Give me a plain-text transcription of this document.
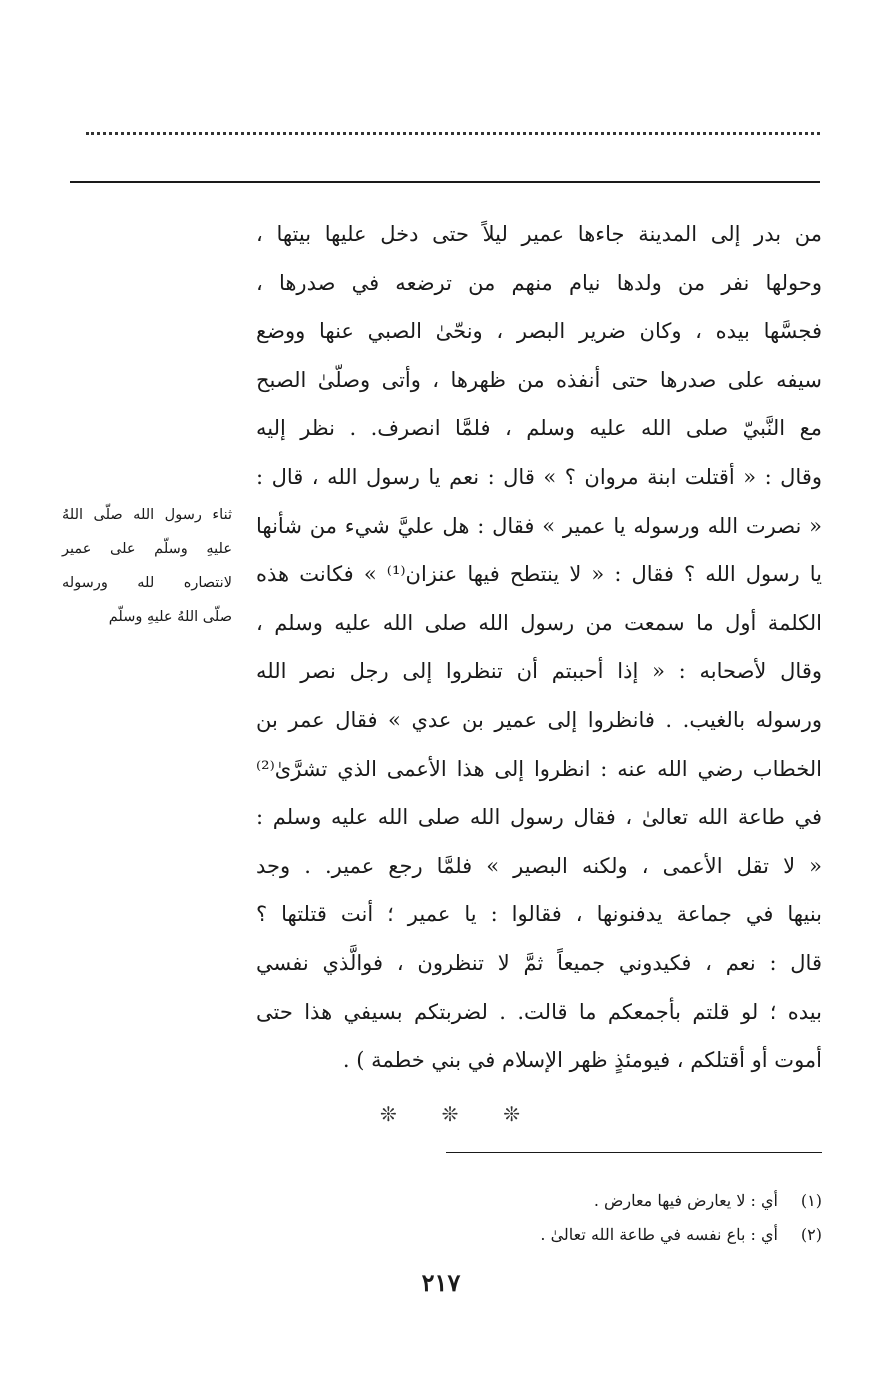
من بدر إلى المدينة جاءها عمير ليلاً حتى دخل عليها بيتها ،
وحولها نفر من ولدها نيام منهم من ترضعه في صدرها ،
فجسَّها بيده ، وكان ضرير البصر ، ونحّىٰ الصبي عنها ووضع
سيفه على صدرها حتى أنفذه من ظهرها ، وأتى وصلّىٰ الصبح
مع النَّبيّ صلى الله عليه وسلم ، فلمَّا انصرف. . نظر إليه
وقال : « أقتلت ابنة مروان ؟ » قال : نعم يا رسول الله ، قال :
« نصرت الله ورسوله يا عمير » فقال : هل عليَّ شيء من شأنها
يا رسول الله ؟ فقال : « لا ينتطح فيها عنزان⁽¹⁾ » فكانت هذه
الكلمة أول ما سمعت من رسول الله صلى الله عليه وسلم ،
وقال لأصحابه : « إذا أحببتم أن تنظروا إلى رجل نصر الله
ورسوله بالغيب. . فانظروا إلى عمير بن عدي » فقال عمر بن
الخطاب رضي الله عنه : انظروا إلى هذا الأعمى الذي تشرَّىٰ⁽²⁾
في طاعة الله تعالىٰ ، فقال رسول الله صلى الله عليه وسلم :
« لا تقل الأعمى ، ولكنه البصير » فلمَّا رجع عمير. . وجد
بنيها في جماعة يدفنونها ، فقالوا : يا عمير ؛ أنت قتلتها ؟
قال : نعم ، فكيدوني جميعاً ثمَّ لا تنظرون ، فوالَّذي نفسي
بيده ؛ لو قلتم بأجمعكم ما قالت. . لضربتكم بسيفي هذا حتى
أموت أو أقتلكم ، فيومئذٍ ظهر الإسلام في بني خطمة ) .
ثناء رسول الله صلّى اللهُ
عليهِ وسلّم على عمير
لانتصاره لله ورسوله
صلّى اللهُ عليهِ وسلّم
❊ ❊ ❊
(١)
أي : لا يعارض فيها معارض .
(٢)
أي : باع نفسه في طاعة الله تعالىٰ .
٢١٧
